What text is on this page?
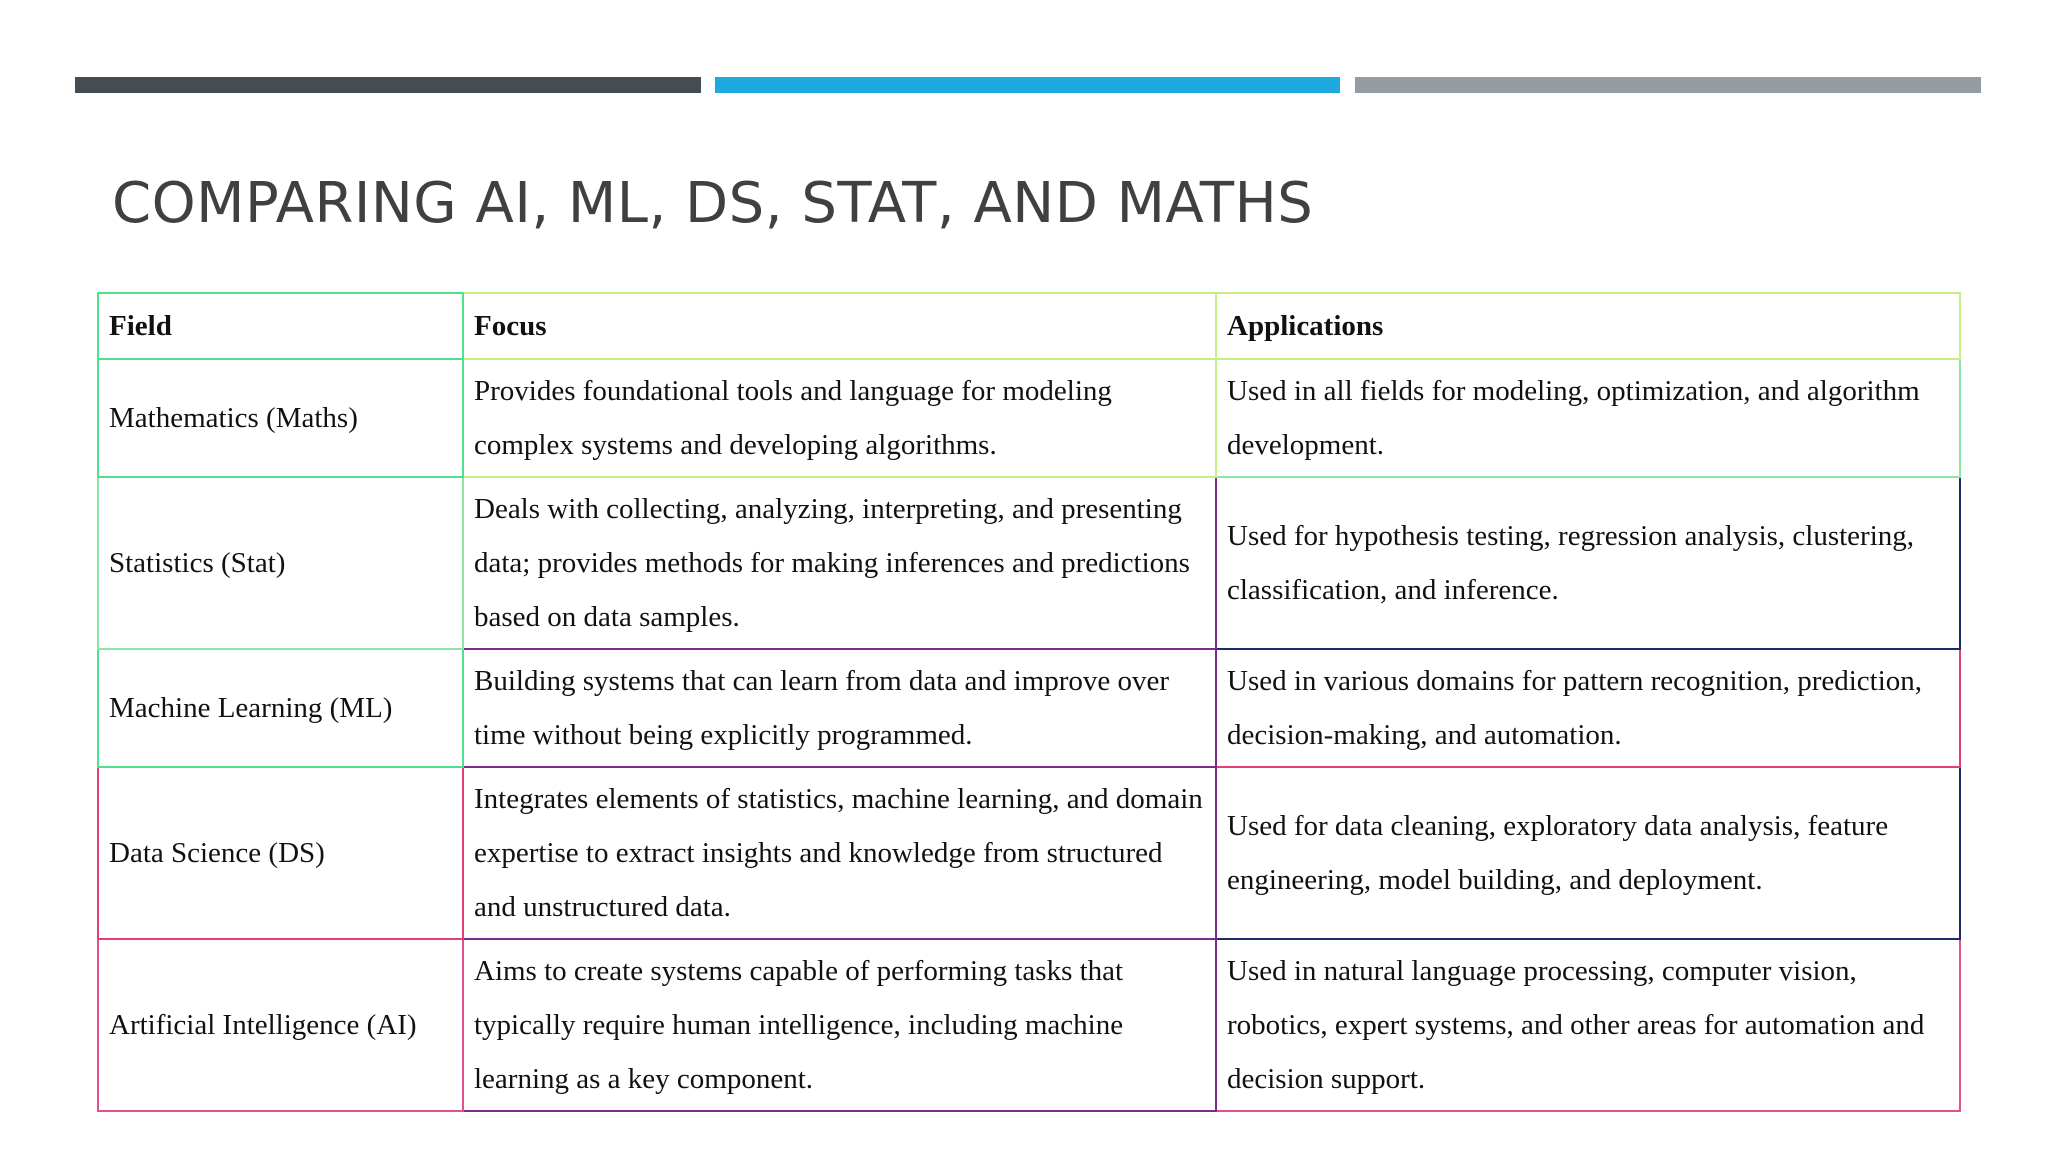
COMPARING AI, ML, DS, STAT, AND MATHS
Field	Focus	Applications
Mathematics (Maths)	Provides foundational tools and language for modeling complex systems and developing algorithms.	Used in all fields for modeling, optimization, and algorithm development.
Statistics (Stat)	Deals with collecting, analyzing, interpreting, and presenting data; provides methods for making inferences and predictions based on data samples.	Used for hypothesis testing, regression analysis, clustering, classification, and inference.
Machine Learning (ML)	Building systems that can learn from data and improve over time without being explicitly programmed.	Used in various domains for pattern recognition, prediction, decision-making, and automation.
Data Science (DS)	Integrates elements of statistics, machine learning, and domain expertise to extract insights and knowledge from structured and unstructured data.	Used for data cleaning, exploratory data analysis, feature engineering, model building, and deployment.
Artificial Intelligence (AI)	Aims to create systems capable of performing tasks that typically require human intelligence, including machine learning as a key component.	Used in natural language processing, computer vision, robotics, expert systems, and other areas for automation and decision support.
